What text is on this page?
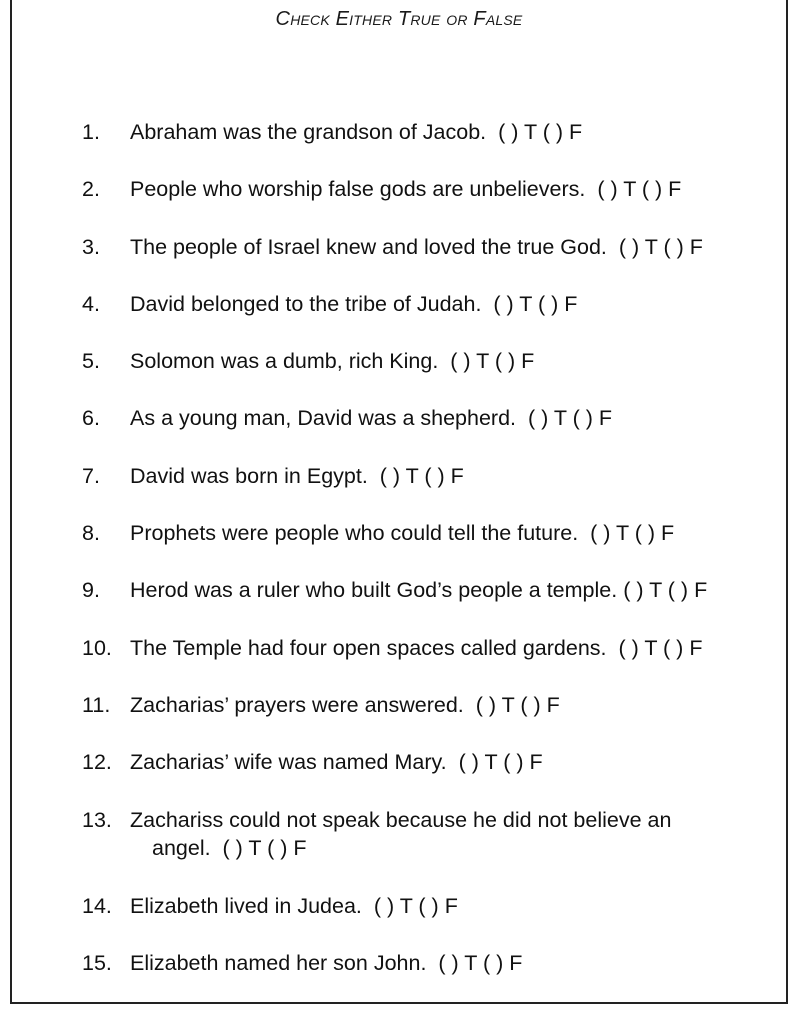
Check Either True or False
1.	Abraham was the grandson of Jacob. ( ) T ( ) F
2.	People who worship false gods are unbelievers. ( ) T ( ) F
3.	The people of Israel knew and loved the true God. ( ) T ( ) F
4.	David belonged to the tribe of Judah. ( ) T ( ) F
5.	Solomon was a dumb, rich King. ( ) T ( ) F
6.	As a young man, David was a shepherd. ( ) T ( ) F
7.	David was born in Egypt. ( ) T ( ) F
8.	Prophets were people who could tell the future. ( ) T ( ) F
9.	Herod was a ruler who built God’s people a temple. ( ) T ( ) F
10. The Temple had four open spaces called gardens. ( ) T ( ) F
11. Zacharias’ prayers were answered. ( ) T ( ) F
12. Zacharias’ wife was named Mary. ( ) T ( ) F
13. Zachariss could not speak because he did not believe an
angel. ( ) T ( ) F
14. Elizabeth lived in Judea. ( ) T ( ) F
15. Elizabeth named her son John. ( ) T ( ) F
